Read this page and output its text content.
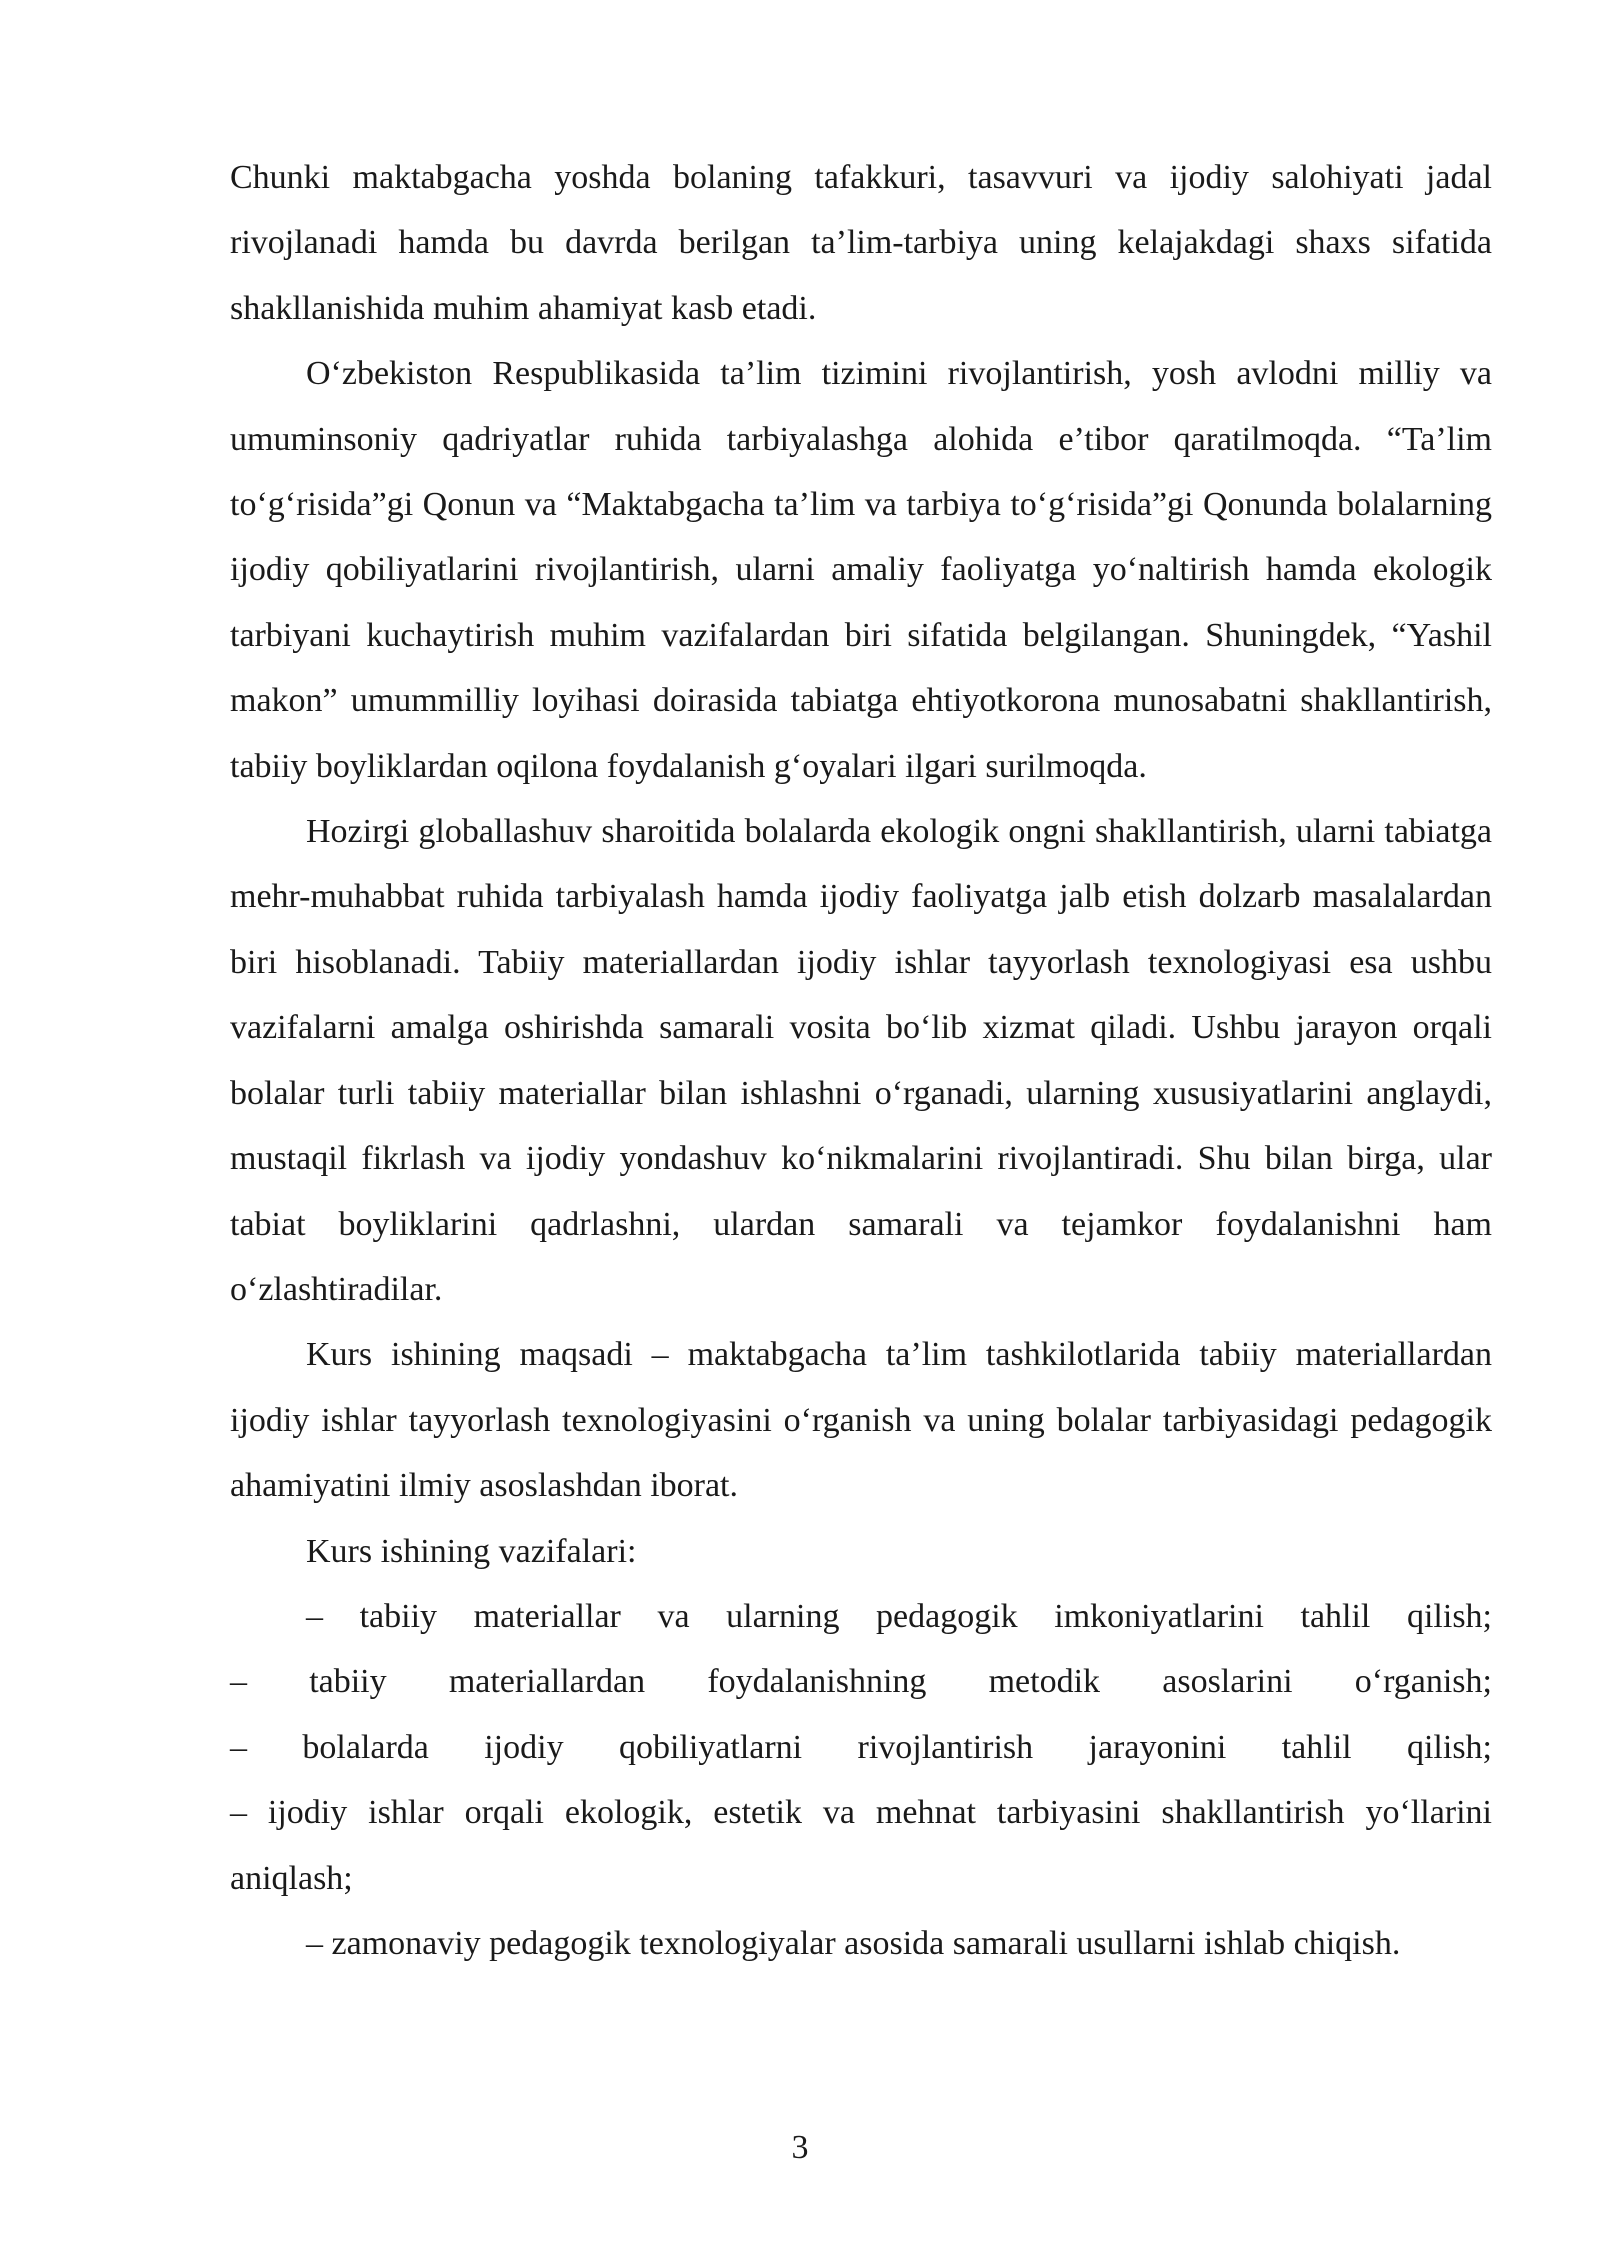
Chunki maktabgacha yoshda bolaning tafakkuri, tasavvuri va ijodiy salohiyati jadal rivojlanadi hamda bu davrda berilgan ta’lim-tarbiya uning kelajakdagi shaxs sifatida shakllanishida muhim ahamiyat kasb etadi.

O‘zbekiston Respublikasida ta’lim tizimini rivojlantirish, yosh avlodni milliy va umuminsoniy qadriyatlar ruhida tarbiyalashga alohida e’tibor qaratilmoqda. “Ta’lim to‘g‘risida”gi Qonun va “Maktabgacha ta’lim va tarbiya to‘g‘risida”gi Qonunda bolalarning ijodiy qobiliyatlarini rivojlantirish, ularni amaliy faoliyatga yo‘naltirish hamda ekologik tarbiyani kuchaytirish muhim vazifalardan biri sifatida belgilangan. Shuningdek, “Yashil makon” umummilliy loyihasi doirasida tabiatga ehtiyotkorona munosabatni shakllantirish, tabiiy boyliklardan oqilona foydalanish g‘oyalari ilgari surilmoqda.

Hozirgi globallashuv sharoitida bolalarda ekologik ongni shakllantirish, ularni tabiatga mehr-muhabbat ruhida tarbiyalash hamda ijodiy faoliyatga jalb etish dolzarb masalalardan biri hisoblanadi. Tabiiy materiallardan ijodiy ishlar tayyorlash texnologiyasi esa ushbu vazifalarni amalga oshirishda samarali vosita bo‘lib xizmat qiladi. Ushbu jarayon orqali bolalar turli tabiiy materiallar bilan ishlashni o‘rganadi, ularning xususiyatlarini anglaydi, mustaqil fikrlash va ijodiy yondashuv ko‘nikmalarini rivojlantiradi. Shu bilan birga, ular tabiat boyliklarini qadrlashni, ulardan samarali va tejamkor foydalanishni ham o‘zlashtiradilar.

Kurs ishining maqsadi – maktabgacha ta’lim tashkilotlarida tabiiy materiallardan ijodiy ishlar tayyorlash texnologiyasini o‘rganish va uning bolalar tarbiyasidagi pedagogik ahamiyatini ilmiy asoslashdan iborat.

Kurs ishining vazifalari:

– tabiiy materiallar va ularning pedagogik imkoniyatlarini tahlil qilish;

– tabiiy materiallardan foydalanishning metodik asoslarini o‘rganish;

– bolalarda ijodiy qobiliyatlarni rivojlantirish jarayonini tahlil qilish;

– ijodiy ishlar orqali ekologik, estetik va mehnat tarbiyasini shakllantirish yo‘llarini aniqlash;

– zamonaviy pedagogik texnologiyalar asosida samarali usullarni ishlab chiqish.

3
